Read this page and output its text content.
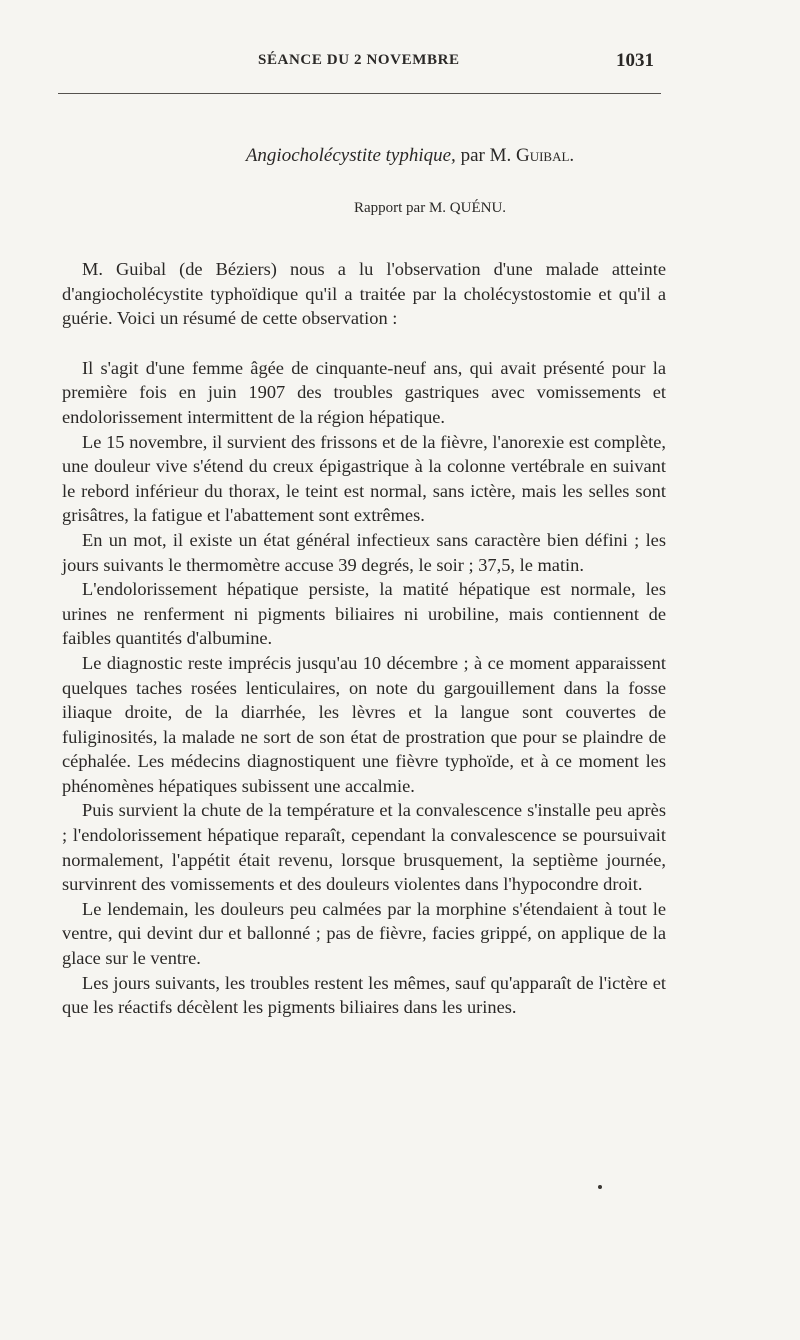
SÉANCE DU 2 NOVEMBRE	1031
Angiocholécystite typhique, par M. Guibal.
Rapport par M. QUÉNU.

M. Guibal (de Béziers) nous a lu l'observation d'une malade atteinte d'angiocholécystite typhoïdique qu'il a traitée par la cholécystostomie et qu'il a guérie. Voici un résumé de cette observation :

Il s'agit d'une femme âgée de cinquante-neuf ans, qui avait présenté pour la première fois en juin 1907 des troubles gastriques avec vomissements et endolorissement intermittent de la région hépatique.

Le 15 novembre, il survient des frissons et de la fièvre, l'anorexie est complète, une douleur vive s'étend du creux épigastrique à la colonne vertébrale en suivant le rebord inférieur du thorax, le teint est normal, sans ictère, mais les selles sont grisâtres, la fatigue et l'abattement sont extrêmes.

En un mot, il existe un état général infectieux sans caractère bien défini ; les jours suivants le thermomètre accuse 39 degrés, le soir ; 37,5, le matin.

L'endolorissement hépatique persiste, la matité hépatique est normale, les urines ne renferment ni pigments biliaires ni urobiline, mais contiennent de faibles quantités d'albumine.

Le diagnostic reste imprécis jusqu'au 10 décembre ; à ce moment apparaissent quelques taches rosées lenticulaires, on note du gargouillement dans la fosse iliaque droite, de la diarrhée, les lèvres et la langue sont couvertes de fuliginosités, la malade ne sort de son état de prostration que pour se plaindre de céphalée. Les médecins diagnostiquent une fièvre typhoïde, et à ce moment les phénomènes hépatiques subissent une accalmie.

Puis survient la chute de la température et la convalescence s'installe peu après ; l'endolorissement hépatique reparaît, cependant la convalescence se poursuivait normalement, l'appétit était revenu, lorsque brusquement, la septième journée, survinrent des vomissements et des douleurs violentes dans l'hypocondre droit.

Le lendemain, les douleurs peu calmées par la morphine s'étendaient à tout le ventre, qui devint dur et ballonné ; pas de fièvre, facies grippé, on applique de la glace sur le ventre.

Les jours suivants, les troubles restent les mêmes, sauf qu'apparaît de l'ictère et que les réactifs décèlent les pigments biliaires dans les urines.
